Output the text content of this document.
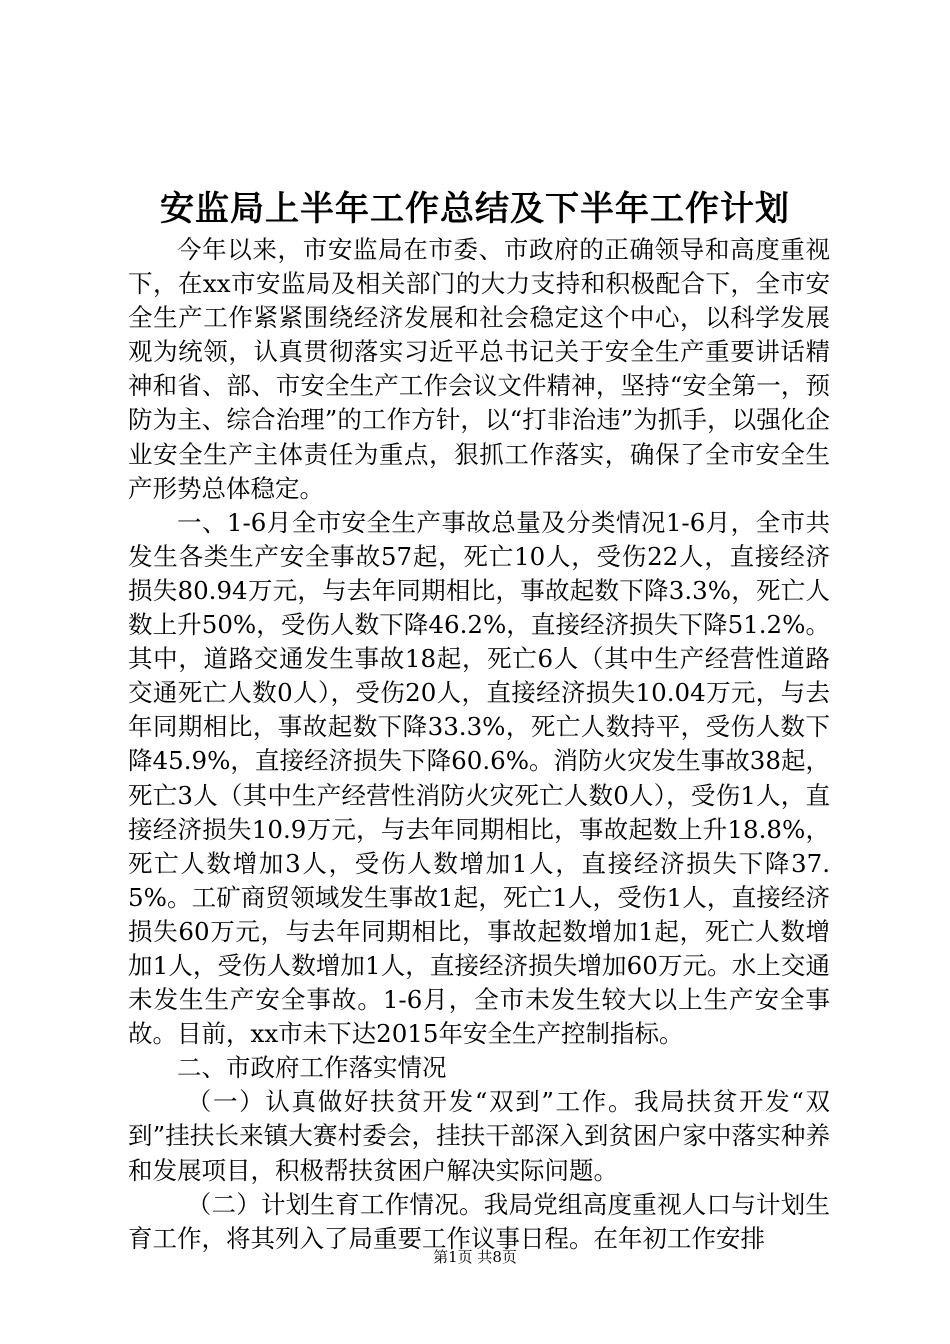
安监局上半年工作总结及下半年工作计划

今年以来，市安监局在市委、市政府的正确领导和高度重视下，在xx市安监局及相关部门的大力支持和积极配合下，全市安全生产工作紧紧围绕经济发展和社会稳定这个中心，以科学发展观为统领，认真贯彻落实习近平总书记关于安全生产重要讲话精神和省、部、市安全生产工作会议文件精神，坚持“安全第一，预防为主、综合治理”的工作方针，以“打非治违”为抓手，以强化企业安全生产主体责任为重点，狠抓工作落实，确保了全市安全生产形势总体稳定。

一、1-6月全市安全生产事故总量及分类情况1-6月，全市共发生各类生产安全事故57起，死亡10人，受伤22人，直接经济损失80.94万元，与去年同期相比，事故起数下降3.3%，死亡人数上升50%，受伤人数下降46.2%，直接经济损失下降51.2%。其中，道路交通发生事故18起，死亡6人（其中生产经营性道路交通死亡人数0人），受伤20人，直接经济损失10.04万元，与去年同期相比，事故起数下降33.3%，死亡人数持平，受伤人数下降45.9%，直接经济损失下降60.6%。消防火灾发生事故38起，死亡3人（其中生产经营性消防火灾死亡人数0人），受伤1人，直接经济损失10.9万元，与去年同期相比，事故起数上升18.8%，死亡人数增加3人，受伤人数增加1人，直接经济损失下降37.5%。工矿商贸领域发生事故1起，死亡1人，受伤1人，直接经济损失60万元，与去年同期相比，事故起数增加1起，死亡人数增加1人，受伤人数增加1人，直接经济损失增加60万元。水上交通未发生生产安全事故。1-6月，全市未发生较大以上生产安全事故。目前，xx市未下达2015年安全生产控制指标。

二、市政府工作落实情况

（一）认真做好扶贫开发“双到”工作。我局扶贫开发“双到”挂扶长来镇大赛村委会，挂扶干部深入到贫困户家中落实种养和发展项目，积极帮扶贫困户解决实际问题。

（二）计划生育工作情况。我局党组高度重视人口与计划生育工作，将其列入了局重要工作议事日程。在年初工作安排

第1页 共8页
